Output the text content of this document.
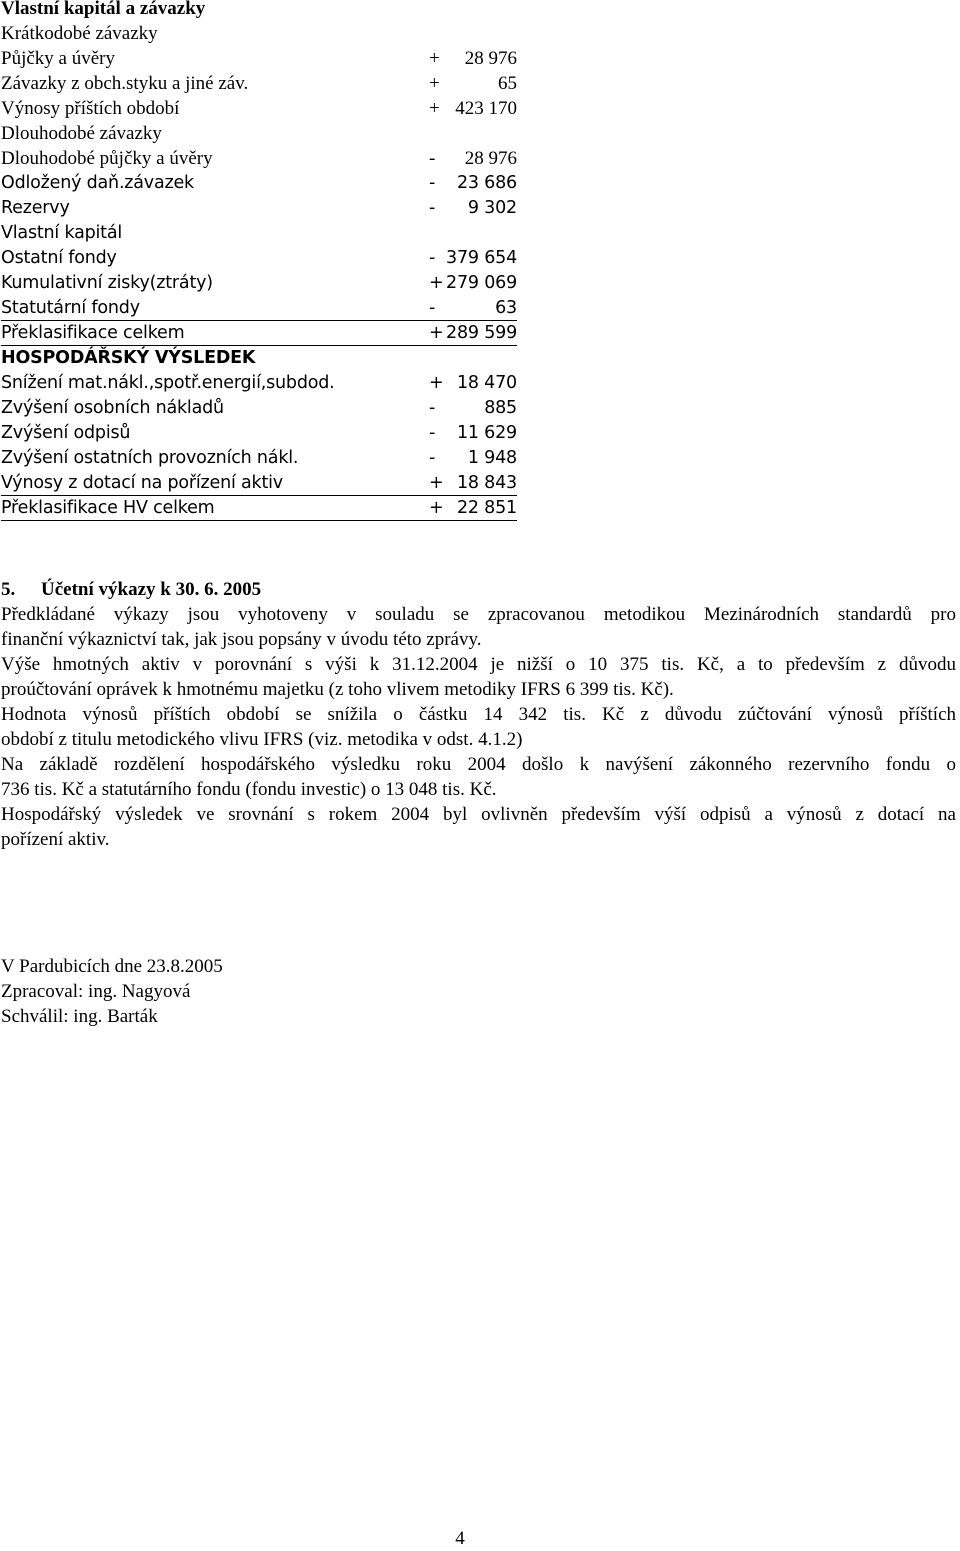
Vlastní kapitál a závazky
Krátkodobé závazky
Půjčky a úvěry	+ 28 976
Závazky z obch.styku a jiné záv.	+	65
Výnosy příštích období	+ 423 170
Dlouhodobé závazky
Dlouhodobé půjčky a úvěry	- 28 976
Odložený daň.závazek	- 23 686
Rezervy	- 9 302
Vlastní kapitál
Ostatní fondy	- 379 654
Kumulativní zisky(ztráty)	+ 279 069
Statutární fondy	-	63
Překlasifikace celkem	+ 289 599
HOSPODÁŘSKÝ VÝSLEDEK
Snížení mat.nákl.,spotř.energií,subdod.	+ 18 470
Zvýšení osobních nákladů	-	885
Zvýšení odpisů	- 11 629
Zvýšení ostatních provozních nákl.	- 1 948
Výnosy z dotací na pořízení aktiv	+ 18 843
Překlasifikace HV celkem	+ 22 851
5. Účetní výkazy k 30. 6. 2005
Předkládané výkazy jsou vyhotoveny v souladu se zpracovanou metodikou Mezinárodních standardů pro
finanční výkaznictví tak, jak jsou popsány v úvodu této zprávy.
Výše hmotných aktiv v porovnání s výši k 31.12.2004 je nižší o 10 375 tis. Kč, a to především z důvodu
proúčtování oprávek k hmotnému majetku (z toho vlivem metodiky IFRS 6 399 tis. Kč).
Hodnota výnosů příštích období se snížila o částku 14 342 tis. Kč z důvodu zúčtování výnosů příštích
období z titulu metodického vlivu IFRS (viz. metodika v odst. 4.1.2)
Na základě rozdělení hospodářského výsledku roku 2004 došlo k navýšení zákonného rezervního fondu o
736 tis. Kč a statutárního fondu (fondu investic) o 13 048 tis. Kč.
Hospodářský výsledek ve srovnání s rokem 2004 byl ovlivněn především výší odpisů a výnosů z dotací na
pořízení aktiv.
V Pardubicích dne 23.8.2005
Zpracoval: ing. Nagyová
Schválil: ing. Barták
4
